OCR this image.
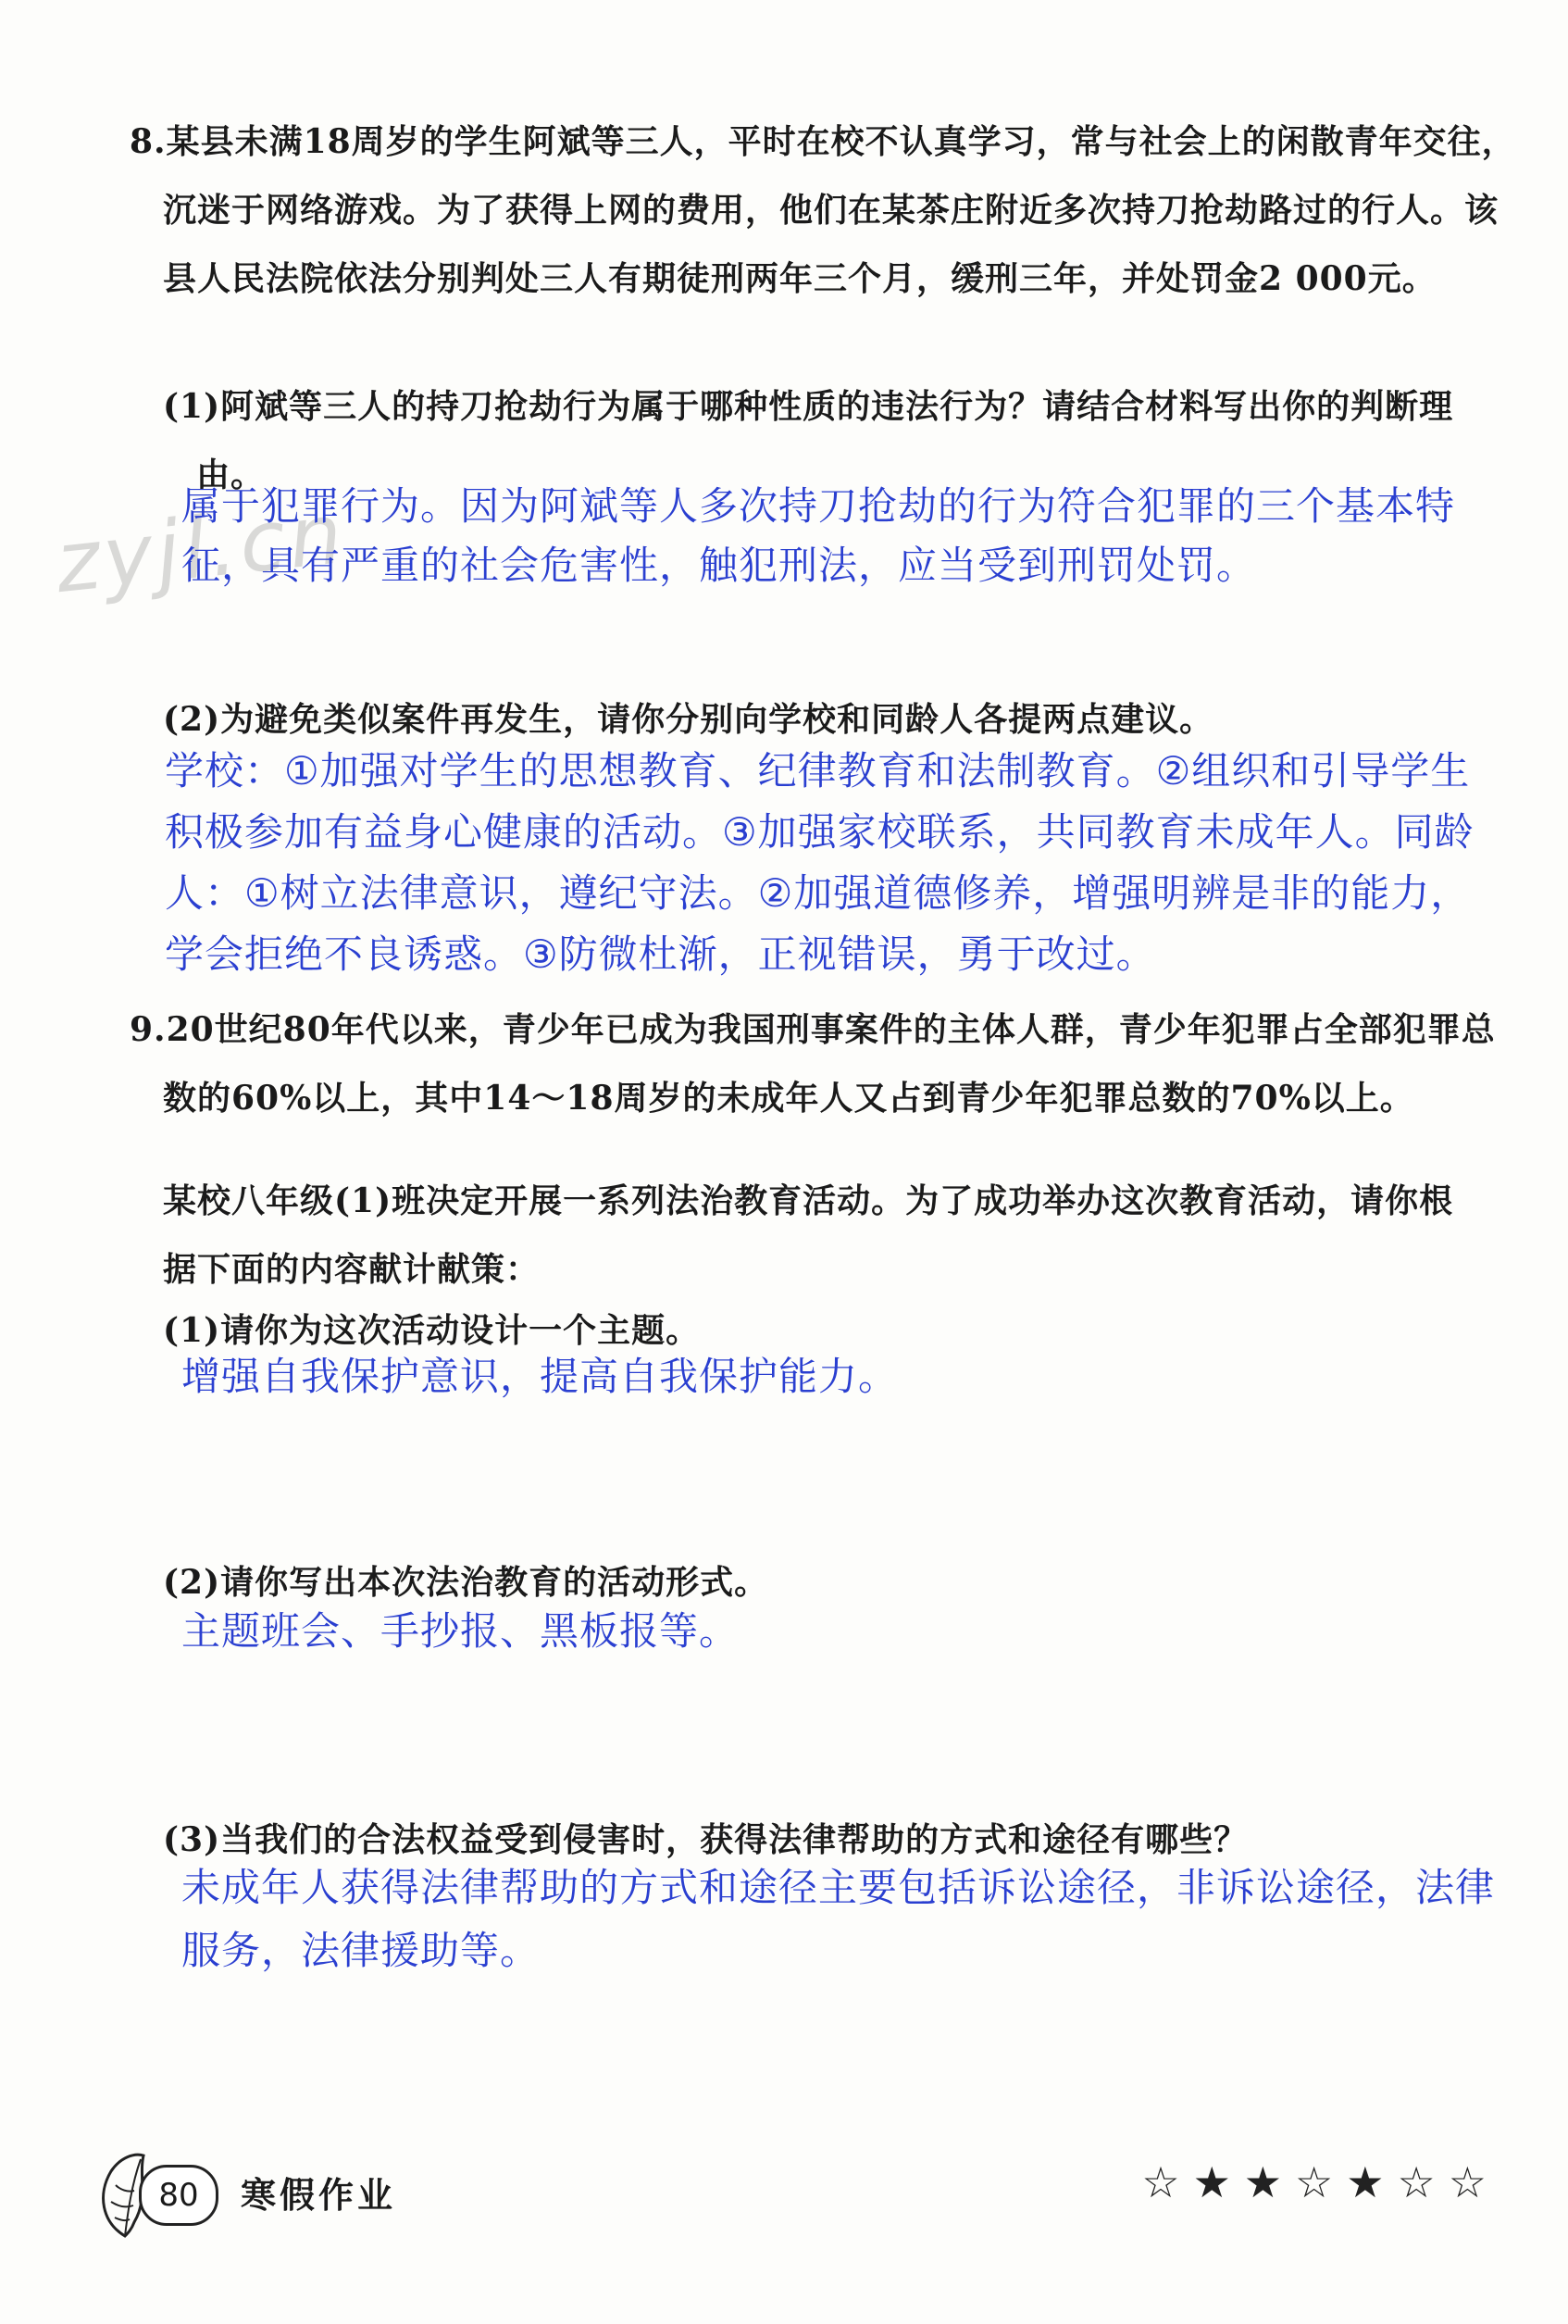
zyjl.cn

8.某县未满18周岁的学生阿斌等三人，平时在校不认真学习，常与社会上的闲散青年交往，沉迷于网络游戏。为了获得上网的费用，他们在某茶庄附近多次持刀抢劫路过的行人。该县人民法院依法分别判处三人有期徒刑两年三个月，缓刑三年，并处罚金2 000元。

(1)阿斌等三人的持刀抢劫行为属于哪种性质的违法行为？请结合材料写出你的判断理由。

属于犯罪行为。因为阿斌等人多次持刀抢劫的行为符合犯罪的三个基本特征，具有严重的社会危害性，触犯刑法，应当受到刑罚处罚。

(2)为避免类似案件再发生，请你分别向学校和同龄人各提两点建议。

学校：①加强对学生的思想教育、纪律教育和法制教育。②组织和引导学生积极参加有益身心健康的活动。③加强家校联系，共同教育未成年人。同龄人：①树立法律意识，遵纪守法。②加强道德修养，增强明辨是非的能力，学会拒绝不良诱惑。③防微杜渐，正视错误，勇于改过。

9.20世纪80年代以来，青少年已成为我国刑事案件的主体人群，青少年犯罪占全部犯罪总数的60%以上，其中14～18周岁的未成年人又占到青少年犯罪总数的70%以上。

某校八年级(1)班决定开展一系列法治教育活动。为了成功举办这次教育活动，请你根据下面的内容献计献策：

(1)请你为这次活动设计一个主题。

增强自我保护意识，提高自我保护能力。

(2)请你写出本次法治教育的活动形式。

主题班会、手抄报、黑板报等。

(3)当我们的合法权益受到侵害时，获得法律帮助的方式和途径有哪些？

未成年人获得法律帮助的方式和途径主要包括诉讼途径，非诉讼途径，法律服务，法律援助等。

80	寒假作业	☆★★☆★☆☆
